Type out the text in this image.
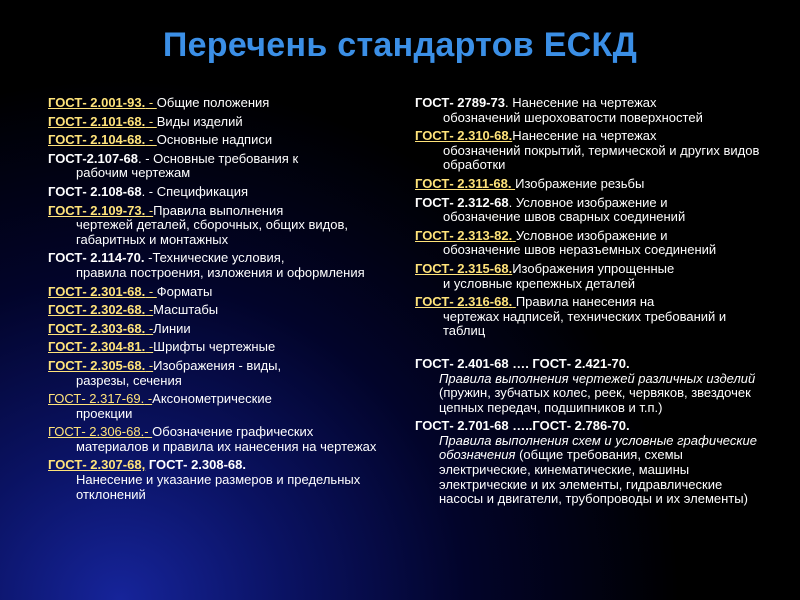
Перечень стандартов ЕСКД
ГОСТ- 2.001-93. - Общие положения
ГОСТ- 2.101-68. - Виды изделий
ГОСТ- 2.104-68. - Основные надписи
ГОСТ-2.107-68. - Основные требования к
рабочим чертежам
ГОСТ- 2.108-68. - Спецификация
ГОСТ- 2.109-73. -Правила выполнения
чертежей деталей, сборочных, общих видов, габаритных и монтажных
ГОСТ- 2.114-70. -Технические условия,
правила построения, изложения и оформления
ГОСТ- 2.301-68. - Форматы
ГОСТ- 2.302-68. -Масштабы
ГОСТ- 2.303-68. -Линии
ГОСТ- 2.304-81. -Шрифты чертежные
ГОСТ- 2.305-68. -Изображения - виды,
разрезы, сечения
ГОСТ- 2.317-69. -Аксонометрические
проекции
ГОСТ- 2.306-68.- Обозначение графических
материалов и правила их нанесения на чертежах
ГОСТ- 2.307-68, ГОСТ- 2.308-68.
Нанесение и указание размеров и предельных отклонений
ГОСТ- 2789-73. Нанесение на чертежах
обозначений шероховатости поверхностей
ГОСТ- 2.310-68.Нанесение на чертежах
обозначений покрытий, термической и других видов обработки
ГОСТ- 2.311-68. Изображение резьбы
ГОСТ- 2.312-68. Условное изображение и
обозначение швов сварных соединений
ГОСТ- 2.313-82. Условное изображение и
обозначение швов неразъемных соединений
ГОСТ- 2.315-68.Изображения упрощенные
и условные крепежных деталей
ГОСТ- 2.316-68. Правила нанесения на
чертежах надписей, технических требований и таблиц
ГОСТ- 2.401-68 …. ГОСТ- 2.421-70.
Правила выполнения чертежей различных изделий (пружин, зубчатых колес, реек, червяков, звездочек цепных передач, подшипников и т.п.)
ГОСТ- 2.701-68 …..ГОСТ- 2.786-70.
Правила выполнения схем и условные графические обозначения (общие требования, схемы электрические, кинематические, машины электрические и их элементы, гидравлические насосы и двигатели, трубопроводы и их элементы)
